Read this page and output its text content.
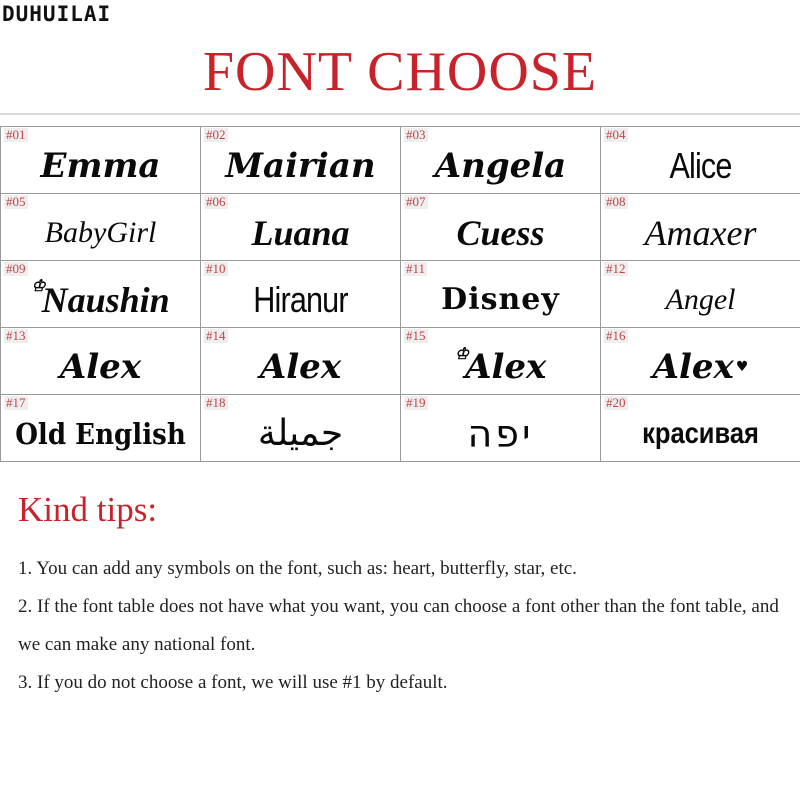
DUHUILAI
FONT CHOOSE
#01
Emma	#02
Mairian	#03
Angela	#04
Alice

#05
BabyGirl	#06
Luana	#07
Cuess	#08
Amaxer

#09
♔
Naushin	#10
Hiranur	#11
Disney	#12
Angel

#13
Alex	#14
Alex	#15
♔
Alex	#16
Alex ♥

#17
Old English	#18
جميلة	#19
יפה	#20
красивая
Kind tips:
1. You can add any symbols on the font, such as: heart, butterfly, star, etc.
2. If the font table does not have what you want, you can choose a font other than the font table, and we can make any national font.
3. If you do not choose a font, we will use #1 by default.
